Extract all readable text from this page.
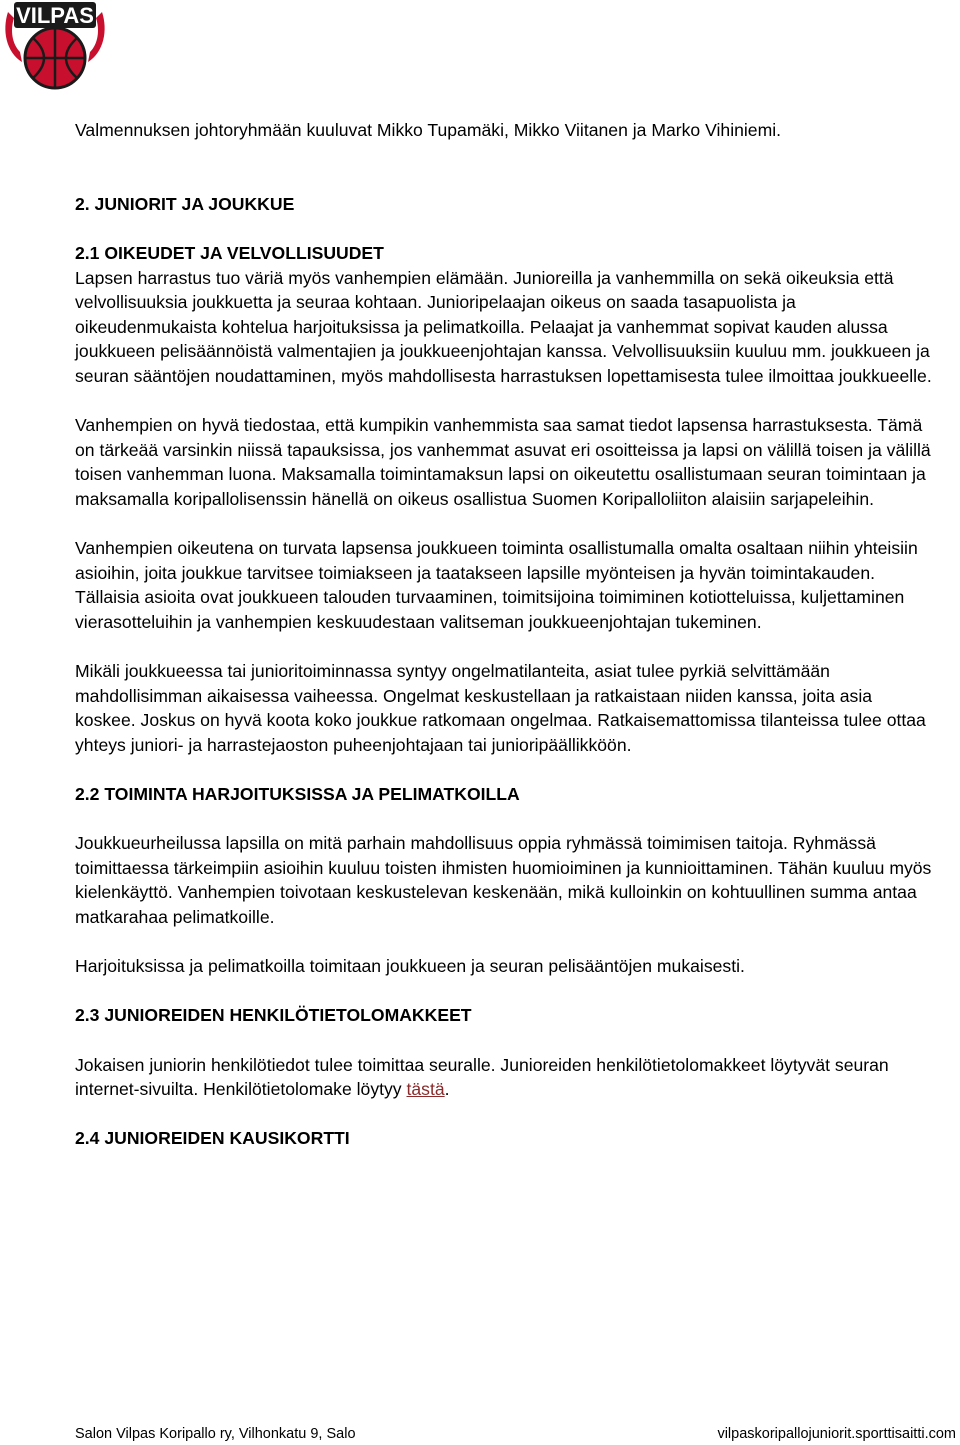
VILPAS

Valmennuksen johtoryhmään kuuluvat Mikko Tupamäki, Mikko Viitanen ja Marko Vihiniemi.

2. JUNIORIT JA JOUKKUE

2.1 OIKEUDET JA VELVOLLISUUDET

Lapsen harrastus tuo väriä myös vanhempien elämään. Junioreilla ja vanhemmilla on sekä oikeuksia että velvollisuuksia joukkuetta ja seuraa kohtaan. Junioripelaajan oikeus on saada tasapuolista ja oikeudenmukaista kohtelua harjoituksissa ja pelimatkoilla. Pelaajat ja vanhemmat sopivat kauden alussa joukkueen pelisäännöistä valmentajien ja joukkueenjohtajan kanssa. Velvollisuuksiin kuuluu mm. joukkueen ja seuran sääntöjen noudattaminen, myös mahdollisesta harrastuksen lopettamisesta tulee ilmoittaa joukkueelle.

Vanhempien on hyvä tiedostaa, että kumpikin vanhemmista saa samat tiedot lapsensa harrastuksesta. Tämä on tärkeää varsinkin niissä tapauksissa, jos vanhemmat asuvat eri osoitteissa ja lapsi on välillä toisen ja välillä toisen vanhemman luona. Maksamalla toimintamaksun lapsi on oikeutettu osallistumaan seuran toimintaan ja maksamalla koripallolisenssin hänellä on oikeus osallistua Suomen Koripalloliiton alaisiin sarjapeleihin.

Vanhempien oikeutena on turvata lapsensa joukkueen toiminta osallistumalla omalta osaltaan niihin yhteisiin asioihin, joita joukkue tarvitsee toimiakseen ja taatakseen lapsille myönteisen ja hyvän toimintakauden. Tällaisia asioita ovat joukkueen talouden turvaaminen, toimitsijoina toimiminen kotiotteluissa, kuljettaminen vierasotteluihin ja vanhempien keskuudestaan valitseman joukkueenjohtajan tukeminen.

Mikäli joukkueessa tai junioritoiminnassa syntyy ongelmatilanteita, asiat tulee pyrkiä selvittämään mahdollisimman aikaisessa vaiheessa. Ongelmat keskustellaan ja ratkaistaan niiden kanssa, joita asia koskee. Joskus on hyvä koota koko joukkue ratkomaan ongelmaa. Ratkaisemattomissa tilanteissa tulee ottaa yhteys juniori- ja harrastejaoston puheenjohtajaan tai junioripäällikköön.

2.2 TOIMINTA HARJOITUKSISSA JA PELIMATKOILLA

Joukkueurheilussa lapsilla on mitä parhain mahdollisuus oppia ryhmässä toimimisen taitoja. Ryhmässä toimittaessa tärkeimpiin asioihin kuuluu toisten ihmisten huomioiminen ja kunnioittaminen. Tähän kuuluu myös kielenkäyttö. Vanhempien toivotaan keskustelevan keskenään, mikä kulloinkin on kohtuullinen summa antaa matkarahaa pelimatkoille.

Harjoituksissa ja pelimatkoilla toimitaan joukkueen ja seuran pelisääntöjen mukaisesti.

2.3 JUNIOREIDEN HENKILÖTIETOLOMAKKEET

Jokaisen juniorin henkilötiedot tulee toimittaa seuralle. Junioreiden henkilötietolomakkeet löytyvät seuran internet-sivuilta. Henkilötietolomake löytyy tästä.

2.4 JUNIOREIDEN KAUSIKORTTI

Salon Vilpas Koripallo ry, Vilhonkatu 9, Salo	vilpaskoripallojuniorit.sporttisaitti.com
